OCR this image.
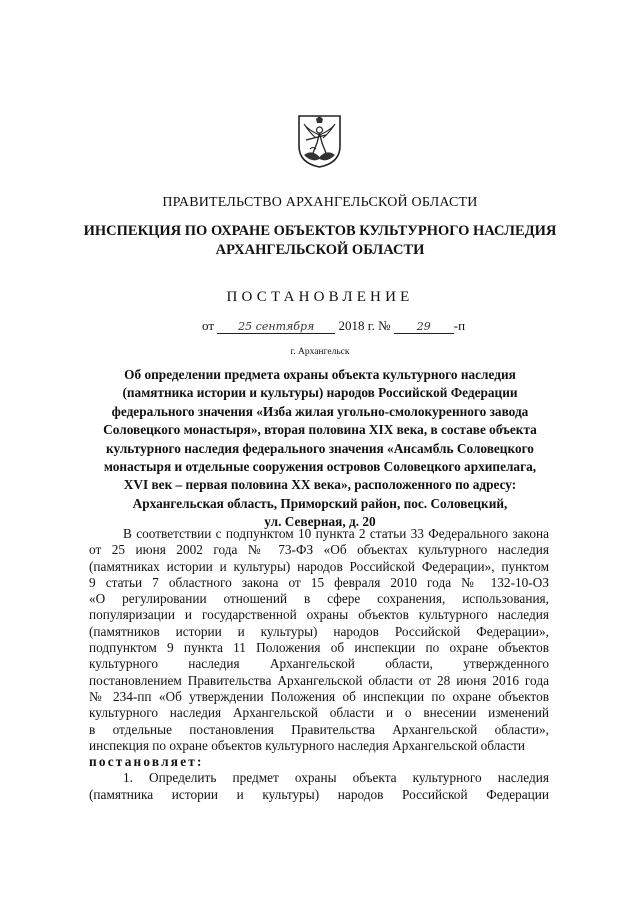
ПРАВИТЕЛЬСТВО АРХАНГЕЛЬСКОЙ ОБЛАСТИ
ИНСПЕКЦИЯ ПО ОХРАНЕ ОБЪЕКТОВ КУЛЬТУРНОГО НАСЛЕДИЯ
АРХАНГЕЛЬСКОЙ ОБЛАСТИ
ПОСТАНОВЛЕНИЕ
от 25 сентября 2018 г. № 29 -п
г. Архангельск
Об определении предмета охраны объекта культурного наследия
(памятника истории и культуры) народов Российской Федерации
федерального значения «Изба жилая угольно-смолокуренного завода
Соловецкого монастыря», вторая половина XIX века, в составе объекта
культурного наследия федерального значения «Ансамбль Соловецкого
монастыря и отдельные сооружения островов Соловецкого архипелага,
XVI век – первая половина XX века», расположенного по адресу:
Архангельская область, Приморский район, пос. Соловецкий,
ул. Северная, д. 20

В соответствии с подпунктом 10 пункта 2 статьи 33 Федерального закона

от 25 июня 2002 года № 73-ФЗ «Об объектах культурного наследия

(памятниках истории и культуры) народов Российской Федерации», пунктом

9 статьи 7 областного закона от 15 февраля 2010 года № 132-10-ОЗ

«О регулировании отношений в сфере сохранения, использования,

популяризации и государственной охраны объектов культурного наследия

(памятников истории и культуры) народов Российской Федерации»,

подпунктом 9 пункта 11 Положения об инспекции по охране объектов

культурного наследия Архангельской области, утвержденного

постановлением Правительства Архангельской области от 28 июня 2016 года

№ 234-пп «Об утверждении Положения об инспекции по охране объектов

культурного наследия Архангельской области и о внесении изменений

в отдельные постановления Правительства Архангельской области»,

инспекция по охране объектов культурного наследия Архангельской области

постановляет:

1. Определить предмет охраны объекта культурного наследия

(памятника истории и культуры) народов Российской Федерации
